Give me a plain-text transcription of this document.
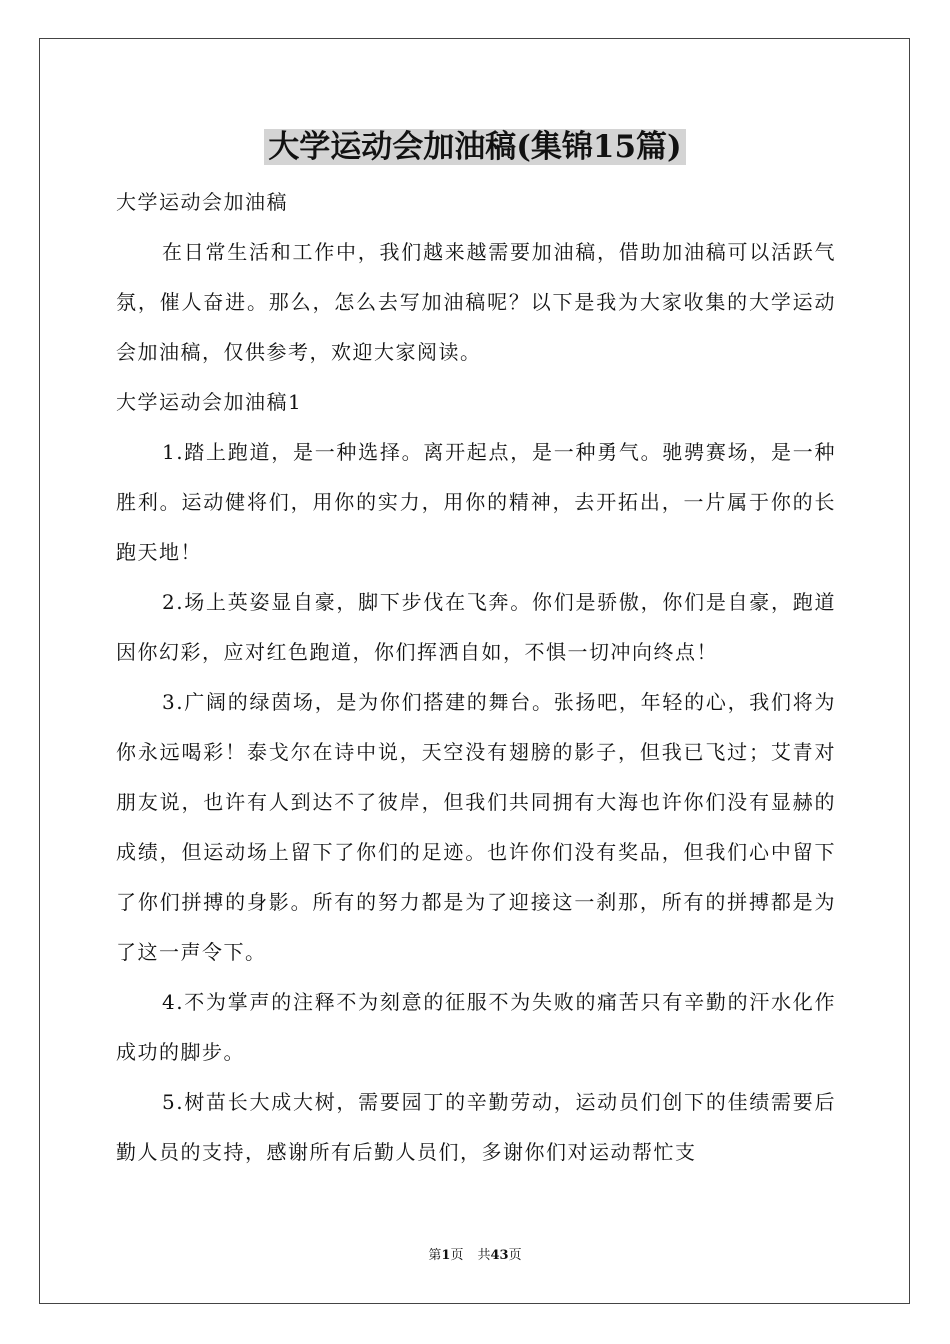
大学运动会加油稿(集锦15篇)

大学运动会加油稿

在日常生活和工作中，我们越来越需要加油稿，借助加油稿可以活跃气氛，催人奋进。那么，怎么去写加油稿呢？以下是我为大家收集的大学运动会加油稿，仅供参考，欢迎大家阅读。

大学运动会加油稿1

1.踏上跑道，是一种选择。离开起点，是一种勇气。驰骋赛场，是一种胜利。运动健将们，用你的实力，用你的精神，去开拓出，一片属于你的长跑天地！

2.场上英姿显自豪，脚下步伐在飞奔。你们是骄傲，你们是自豪，跑道因你幻彩，应对红色跑道，你们挥洒自如，不惧一切冲向终点！

3.广阔的绿茵场，是为你们搭建的舞台。张扬吧，年轻的心，我们将为你永远喝彩！泰戈尔在诗中说，天空没有翅膀的影子，但我已飞过；艾青对朋友说，也许有人到达不了彼岸，但我们共同拥有大海也许你们没有显赫的成绩，但运动场上留下了你们的足迹。也许你们没有奖品，但我们心中留下了你们拼搏的身影。所有的努力都是为了迎接这一刹那，所有的拼搏都是为了这一声令下。

4.不为掌声的注释不为刻意的征服不为失败的痛苦只有辛勤的汗水化作成功的脚步。

5.树苗长大成大树，需要园丁的辛勤劳动，运动员们创下的佳绩需要后勤人员的支持，感谢所有后勤人员们，多谢你们对运动帮忙支

第1页 共43页
